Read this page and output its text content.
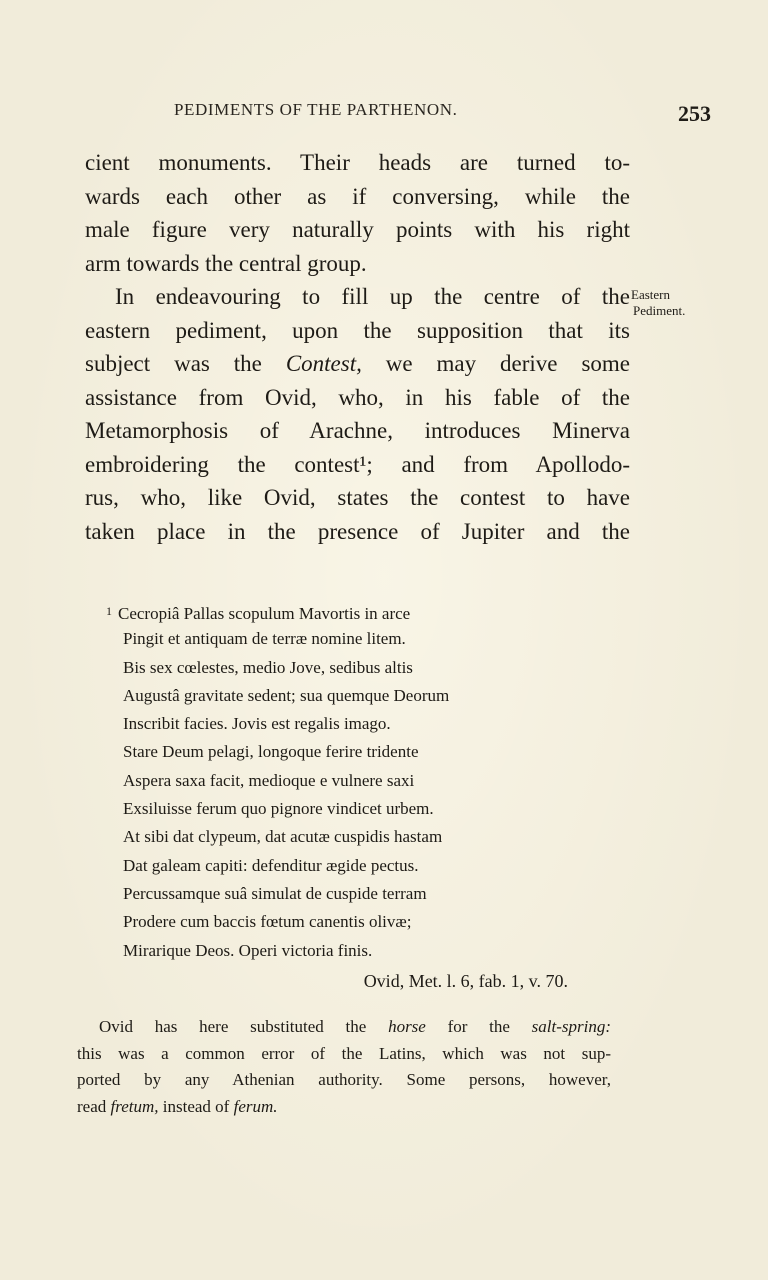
PEDIMENTS OF THE PARTHENON.	253
cient monuments. Their heads are turned to-
wards each other as if conversing, while the
male figure very naturally points with his right
arm towards the central group.
In endeavouring to fill up the centre of the
eastern pediment, upon the supposition that its
subject was the Contest, we may derive some
assistance from Ovid, who, in his fable of the
Metamorphosis of Arachne, introduces Minerva
embroidering the contest¹; and from Apollodo-
rus, who, like Ovid, states the contest to have
taken place in the presence of Jupiter and the
Eastern
Pediment.
$^1$ Cecropiâ Pallas scopulum Mavortis in arce
Pingit et antiquam de terræ nomine litem.
Bis sex cœlestes, medio Jove, sedibus altis
Augustâ gravitate sedent; sua quemque Deorum
Inscribit facies. Jovis est regalis imago.
Stare Deum pelagi, longoque ferire tridente
Aspera saxa facit, medioque e vulnere saxi
Exsiluisse ferum quo pignore vindicet urbem.
At sibi dat clypeum, dat acutæ cuspidis hastam
Dat galeam capiti: defenditur ægide pectus.
Percussamque suâ simulat de cuspide terram
Prodere cum baccis fœtum canentis olivæ;
Mirarique Deos. Operi victoria finis.
Ovid, Met. l. 6, fab. 1, v. 70.
Ovid has here substituted the horse for the salt-spring:
this was a common error of the Latins, which was not sup-
ported by any Athenian authority. Some persons, however,
read fretum, instead of ferum.
